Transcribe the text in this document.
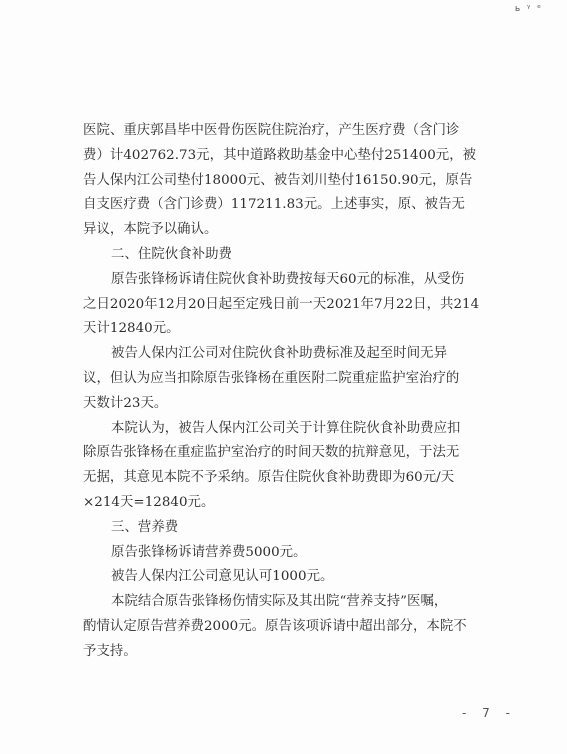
ь ᵞ ᵉ
医院、重庆郭昌毕中医骨伤医院住院治疗，产生医疗费（含门诊
费）计402762.73元，其中道路救助基金中心垫付251400元，被
告人保内江公司垫付18000元、被告刘川垫付16150.90元，原告
自支医疗费（含门诊费）117211.83元。上述事实，原、被告无
异议，本院予以确认。
二、住院伙食补助费
原告张锋杨诉请住院伙食补助费按每天60元的标准，从受伤
之日2020年12月20日起至定残日前一天2021年7月22日，共214
天计12840元。
被告人保内江公司对住院伙食补助费标准及起至时间无异
议，但认为应当扣除原告张锋杨在重医附二院重症监护室治疗的
天数计23天。
本院认为，被告人保内江公司关于计算住院伙食补助费应扣
除原告张锋杨在重症监护室治疗的时间天数的抗辩意见，于法无
无据，其意见本院不予采纳。原告住院伙食补助费即为60元/天
×214天=12840元。
三、营养费
原告张锋杨诉请营养费5000元。
被告人保内江公司意见认可1000元。
本院结合原告张锋杨伤情实际及其出院“营养支持”医嘱，
酌情认定原告营养费2000元。原告该项诉请中超出部分，本院不
予支持。
- 7 -
